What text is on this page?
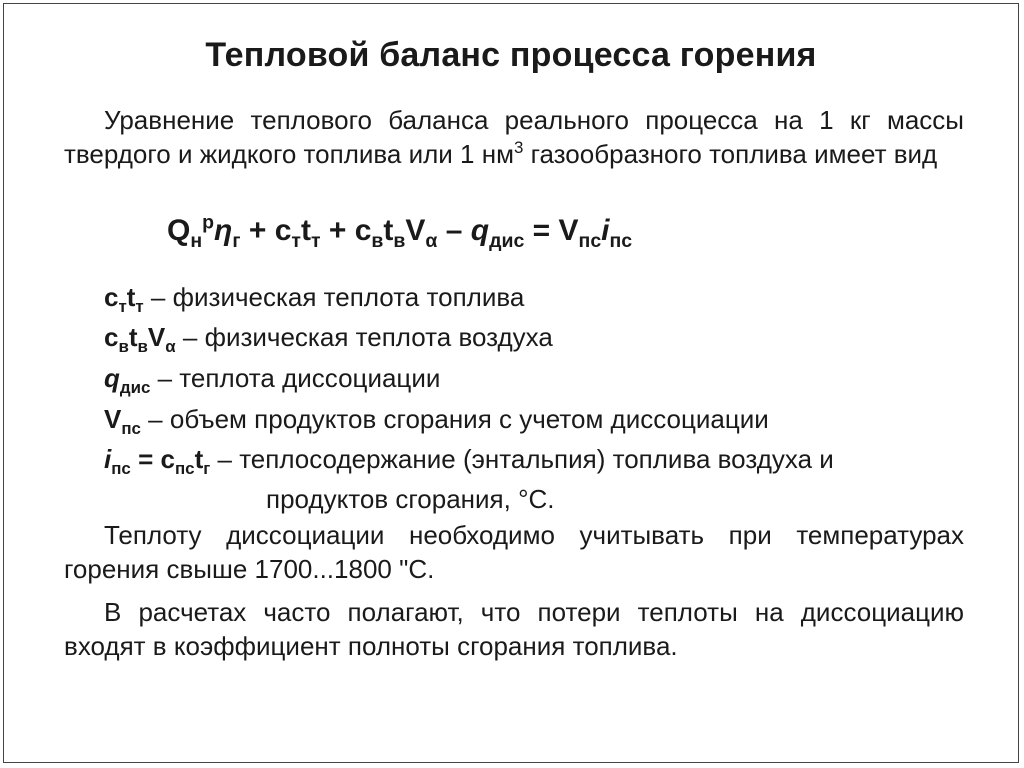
Тепловой баланс процесса горения
Уравнение теплового баланса реального процесса на 1 кг массы твердого и жидкого топлива или 1 $нм^3$ газообразного топлива имеет вид
$Q_н^р\eta_г + c_тt_т + c_вt_вV_\alpha - q_{дис} = V_{пс}i_{пс}$
$c_тt_т$ – физическая теплота топлива
$c_вt_вV_\alpha$ – физическая теплота воздуха
$q_{дис}$ – теплота диссоциации
$V_{пс}$ – объем продуктов сгорания с учетом диссоциации
$i_{пс} = c_{пс}t_г$ – теплосодержание (энтальпия) топлива воздуха и
продуктов сгорания, °С.
Теплоту диссоциации необходимо учитывать при температурах горения свыше 1700...1800 "С.
В расчетах часто полагают, что потери теплоты на диссоциацию входят в коэффициент полноты сгорания топлива.
